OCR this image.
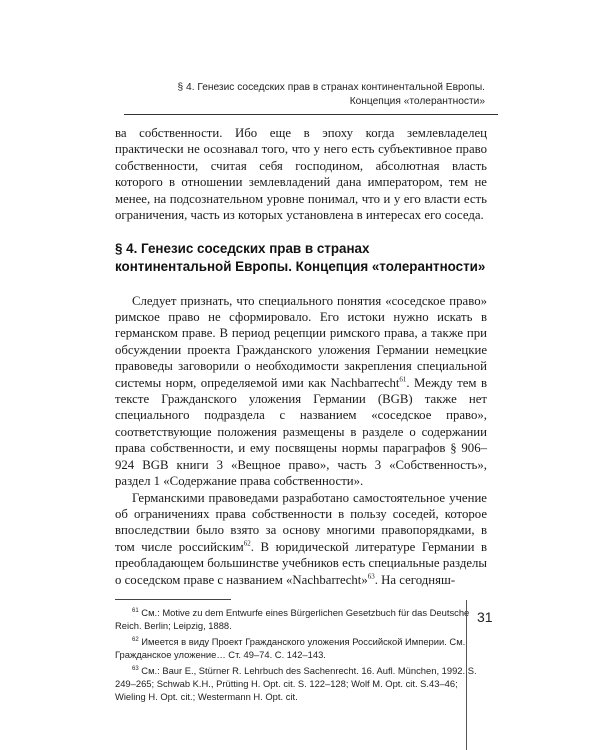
§ 4. Генезис соседских прав в странах континентальной Европы.
Концепция «толерантности»

ва собственности. Ибо еще в эпоху когда землевладелец практически не осознавал того, что у него есть субъективное право собственности, считая себя господином, абсолютная власть которого в отношении землевладений дана императором, тем не менее, на подсознательном уровне понимал, что и у его власти есть ограничения, часть из которых установлена в интересах его соседа.

§ 4. Генезис соседских прав в странах континентальной Европы. Концепция «толерантности»

Следует признать, что специального понятия «соседское право» римское право не сформировало. Его истоки нужно искать в германском праве. В период рецепции римского права, а также при обсуждении проекта Гражданского уложения Германии немецкие правоведы заговорили о необходимости закрепления специальной системы норм, определяемой ими как Nachbarrecht$^{61}$. Между тем в тексте Гражданского уложения Германии (BGB) также нет специального подраздела с названием «соседское право», соответствующие положения размещены в разделе о содержании права собственности, и ему посвящены нормы параграфов § 906–924 BGB книги 3 «Вещное право», часть 3 «Собственность», раздел 1 «Содержание права собственности».

Германскими правоведами разработано самостоятельное учение об ограничениях права собственности в пользу соседей, которое впоследствии было взято за основу многими правопорядками, в том числе российским$^{62}$. В юридической литературе Германии в преобладающем большинстве учебников есть специальные разделы о соседском праве с названием «Nachbarrecht»$^{63}$. На сегодняш-

$^{61}$ См.: Motive zu dem Entwurfe eines Bürgerlichen Gesetzbuch für das Deutsche Reich. Berlin; Leipzig, 1888.
$^{62}$ Имеется в виду Проект Гражданского уложения Российской Империи. См.: Гражданское уложение… Ст. 49–74. С. 142–143.
$^{63}$ См.: Baur E., Stürner R. Lehrbuch des Sachenrecht. 16. Aufl. München, 1992. S. 249–265; Schwab K.H., Prütting H. Opt. cit. S. 122–128; Wolf M. Opt. cit. S.43–46; Wieling H. Opt. cit.; Westermann H. Opt. cit.
31
